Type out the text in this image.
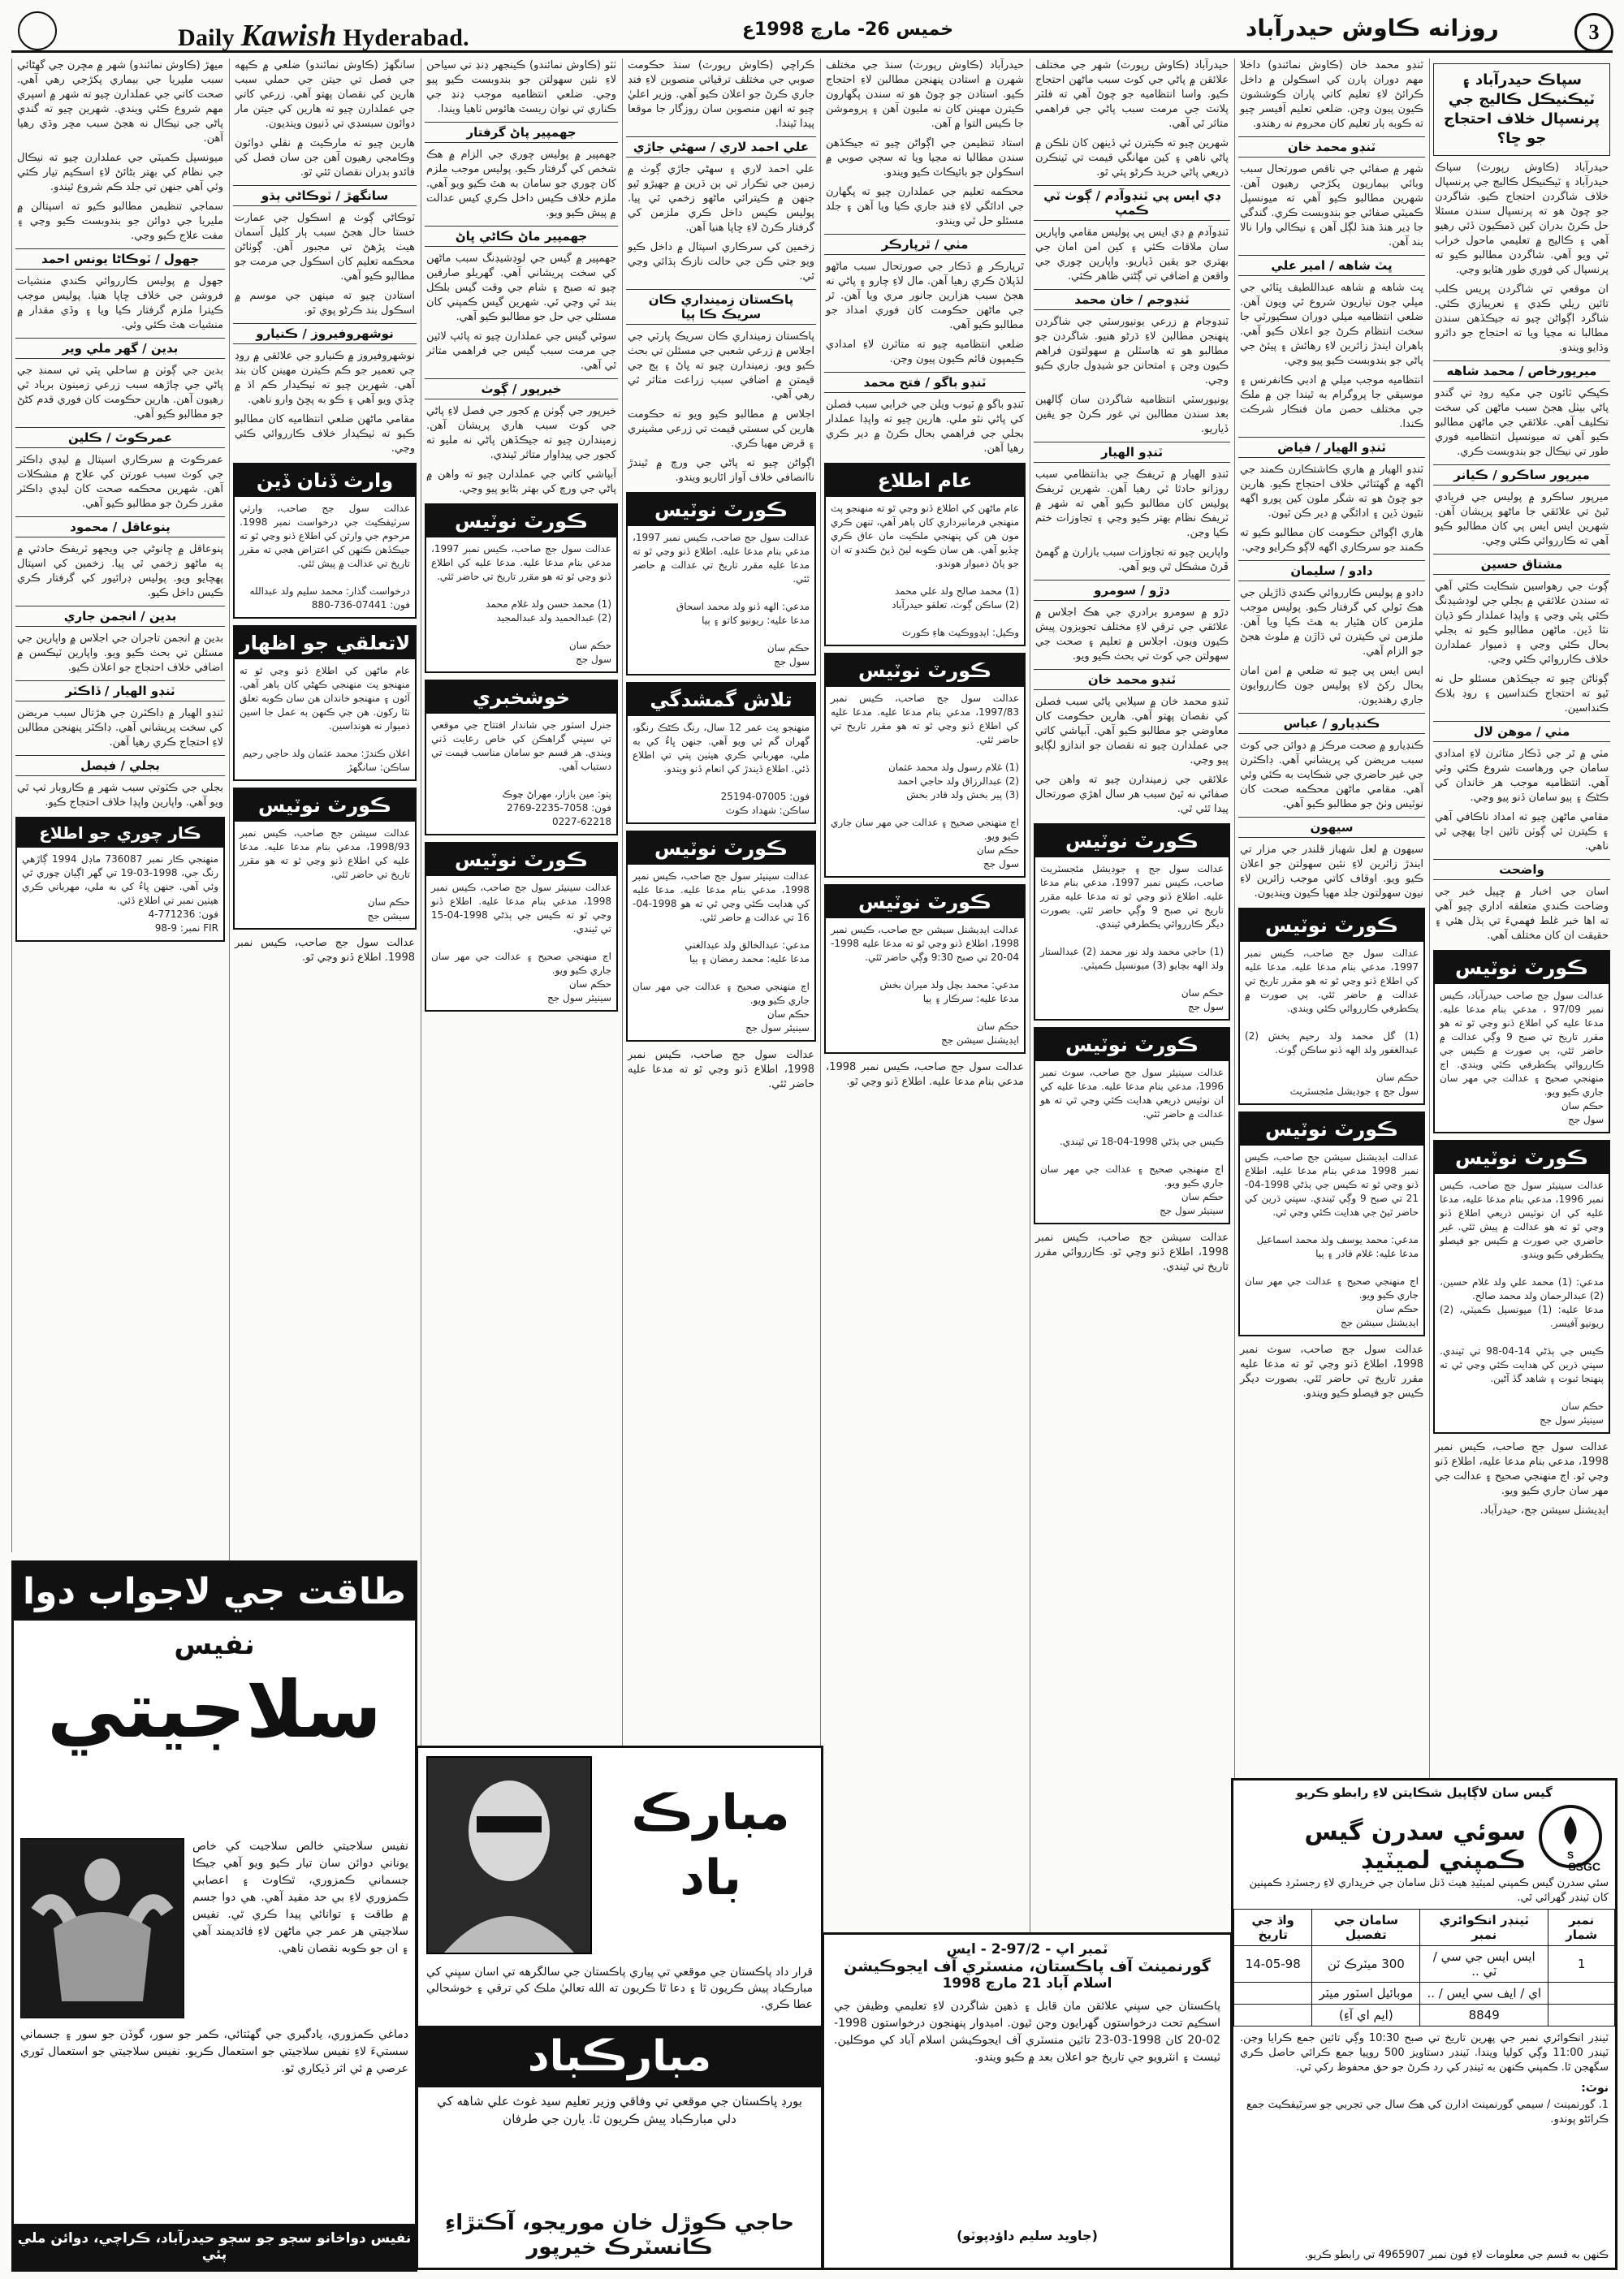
Daily Kawish Hyderabad.	خميس 26- مارچ 1998ع	روزانه ڪاوش حيدرآباد	3
سپاڪ حيدرآباد ۽ ٽيڪنيڪل ڪاليج جي پرنسپال خلاف احتجاج جو ڇا؟

حيدرآباد (ڪاوش رپورٽ) سپاڪ حيدرآباد ۽ ٽيڪنيڪل ڪاليج جي پرنسپال خلاف شاگردن احتجاج ڪيو. شاگردن جو چوڻ هو ته پرنسپال سندن مسئلا حل ڪرڻ بدران کين ڌمڪيون ڏئي رهيو آهي ۽ ڪاليج ۾ تعليمي ماحول خراب ٿي ويو آهي. شاگردن مطالبو ڪيو ته پرنسپال کي فوري طور هٽايو وڃي.

ان موقعي تي شاگردن پريس ڪلب تائين ريلي ڪڍي ۽ نعريبازي ڪئي. شاگرد اڳواڻن چيو ته جيڪڏهن سندن مطالبا نه مڃيا ويا ته احتجاج جو دائرو وڌايو ويندو.

ميرپورخاص / محمد شاهه

ڪيڪي ٽائون جي مکيه روڊ تي گندو پاڻي بيٺل هجڻ سبب ماڻهن کي سخت تڪليف آهي. علائقي جي ماڻهن مطالبو ڪيو آهي ته ميونسپل انتظاميه فوري طور تي نيڪال جو بندوبست ڪري.

ميرپور ساڪرو / ڪيانر

ميرپور ساڪرو ۾ پوليس جي فريادي ٿيڻ تي علائقي جا ماڻهو پريشان آهن. شهرين ايس ايس پي کان مطالبو ڪيو آهي ته ڪارروائي ڪئي وڃي.

مشتاق حسين

ڳوٺ جي رهواسين شڪايت ڪئي آهي ته سندن علائقي ۾ بجلي جي لوڊشيڊنگ ڪئي پئي وڃي ۽ واپڊا عملدار ڪو ڌيان نٿا ڏين. ماڻهن مطالبو ڪيو ته بجلي بحال ڪئي وڃي ۽ ذميوار عملدارن خلاف ڪارروائي ڪئي وڃي.

ڳوٺاڻن چيو ته جيڪڏهن مسئلو حل نه ٿيو ته احتجاج ڪنداسين ۽ روڊ بلاڪ ڪنداسين.

مٺي / موهن لال

مٺي ۾ ٿر جي ڏڪار متاثرن لاءِ امدادي سامان جي ورهاست شروع ڪئي وئي آهي. انتظاميه موجب هر خاندان کي ڪڻڪ ۽ ٻيو سامان ڏنو پيو وڃي.

مقامي ماڻهن چيو ته امداد ناڪافي آهي ۽ ڪيترن ئي ڳوٺن تائين اڃا پهچي ئي ناهي.

واضحت

اسان جي اخبار ۾ ڇپيل خبر جي وضاحت ڪندي متعلقه اداري چيو آهي ته اها خبر غلط فهميءَ تي ٻڌل هئي ۽ حقيقت ان کان مختلف آهي.

ڪورٽ نوٽيس
عدالت سول جج صاحب حيدرآباد، ڪيس نمبر 97/09 ، مدعي بنام مدعا عليه. مدعا عليه کي اطلاع ڏنو وڃي ٿو ته هو مقرر تاريخ تي صبح 9 وڳي عدالت ۾ حاضر ٿئي، ٻي صورت ۾ ڪيس جي ڪارروائي يڪطرفي ڪئي ويندي. اڄ منهنجي صحيح ۽ عدالت جي مهر سان جاري ڪيو ويو.
حڪم سان
سول جج
ڪورٽ نوٽيس
عدالت سينيئر سول جج صاحب، ڪيس نمبر 1996، مدعي بنام مدعا عليه، مدعا عليه کي ان نوٽيس ذريعي اطلاع ڏنو وڃي ٿو ته هو عدالت ۾ پيش ٿئي. غير حاضري جي صورت ۾ ڪيس جو فيصلو يڪطرفي ڪيو ويندو.

مدعي: (1) محمد علي ولد غلام حسين، (2) عبدالرحمان ولد محمد صالح.
مدعا عليه: (1) ميونسپل ڪميٽي، (2) ريونيو آفيسر.

ڪيس جي ٻڌڻي 14-04-98 تي ٿيندي. سڀني ڌرين کي هدايت ڪئي وڃي ٿي ته پنهنجا ثبوت ۽ شاهد گڏ آڻين.

حڪم سان
سينيئر سول جج

عدالت سول جج صاحب، ڪيس نمبر 1998، مدعي بنام مدعا عليه، اطلاع ڏنو وڃي ٿو. اڄ منهنجي صحيح ۽ عدالت جي مهر سان جاري ڪيو ويو.

ايڊيشنل سيشن جج، حيدرآباد.

ٽنڊو محمد خان (ڪاوش نمائندو) داخلا مهم دوران ٻارن کي اسڪولن ۾ داخل ڪرائڻ لاءِ تعليم کاتي پاران ڪوششون ڪيون پيون وڃن. ضلعي تعليم آفيسر چيو ته ڪوبه ٻار تعليم کان محروم نه رهندو.

ٽنڊو محمد خان

شهر ۾ صفائي جي ناقص صورتحال سبب وبائي بيماريون پکڙجي رهيون آهن. شهرين مطالبو ڪيو آهي ته ميونسپل ڪميٽي صفائي جو بندوبست ڪري. گندگي جا ڍير هنڌ هنڌ لڳل آهن ۽ نيڪالي وارا نالا بند آهن.

ڀٽ شاهه / امير علي

ڀٽ شاهه ۾ شاهه عبداللطيف ڀٽائي جي ميلي جون تياريون شروع ٿي ويون آهن. ضلعي انتظاميه ميلي دوران سڪيورٽي جا سخت انتظام ڪرڻ جو اعلان ڪيو آهي. ٻاهران ايندڙ زائرين لاءِ رهائش ۽ پيئڻ جي پاڻي جو بندوبست ڪيو پيو وڃي.

انتظاميه موجب ميلي ۾ ادبي ڪانفرنس ۽ موسيقي جا پروگرام به ٿيندا جن ۾ ملڪ جي مختلف حصن مان فنڪار شرڪت ڪندا.

ٽنڊو الهيار / فياض

ٽنڊو الهيار ۾ هاري ڪاشتڪارن ڪمند جي اگهه ۾ گهٽتائي خلاف احتجاج ڪيو. هارين جو چوڻ هو ته شگر ملون کين پورو اگهه نٿيون ڏين ۽ ادائگي ۾ دير ڪن ٿيون.

هاري اڳواڻن حڪومت کان مطالبو ڪيو ته ڪمند جو سرڪاري اگهه لاڳو ڪرايو وڃي.

دادو / سليمان

دادو ۾ پوليس ڪارروائي ڪندي ڌاڙيلن جي هڪ ٽولي کي گرفتار ڪيو. پوليس موجب ملزمن کان هٿيار به هٿ ڪيا ويا آهن. ملزمن تي ڪيترن ئي ڌاڙن ۾ ملوث هجڻ جو الزام آهي.

ايس ايس پي چيو ته ضلعي ۾ امن امان بحال رکڻ لاءِ پوليس جون ڪارروايون جاري رهنديون.

ڪنڊيارو / عباس

ڪنڊيارو ۾ صحت مرڪز ۾ دوائن جي کوٽ سبب مريضن کي پريشاني آهي. ڊاڪٽرن جي غير حاضري جي شڪايت به ڪئي وئي آهي. مقامي ماڻهن محڪمه صحت کان نوٽيس وٺڻ جو مطالبو ڪيو آهي.

سيهون

سيهون ۾ لعل شهباز قلندر جي مزار تي ايندڙ زائرين لاءِ نئين سهولتن جو اعلان ڪيو ويو. اوقاف کاتي موجب زائرين لاءِ نيون سهولتون جلد مهيا ڪيون وينديون.

ڪورٽ نوٽيس
عدالت سول جج صاحب، ڪيس نمبر 1997، مدعي بنام مدعا عليه. مدعا عليه کي اطلاع ڏنو وڃي ٿو ته هو مقرر تاريخ تي عدالت ۾ حاضر ٿئي. ٻي صورت ۾ يڪطرفي ڪارروائي ڪئي ويندي.

(1) گل محمد ولد رحيم بخش (2) عبدالغفور ولد الهه ڏنو ساڪن ڳوٺ.

حڪم سان
سول جج ۽ جوڊيشل مئجسٽريٽ
ڪورٽ نوٽيس
عدالت ايڊيشنل سيشن جج صاحب، ڪيس نمبر 1998 مدعي بنام مدعا عليه. اطلاع ڏنو وڃي ٿو ته ڪيس جي ٻڌڻي 1998-04-21 تي صبح 9 وڳي ٿيندي. سڀني ڌرين کي حاضر ٿيڻ جي هدايت ڪئي وڃي ٿي.

مدعي: محمد يوسف ولد محمد اسماعيل
مدعا عليه: غلام قادر ۽ ٻيا

اڄ منهنجي صحيح ۽ عدالت جي مهر سان جاري ڪيو ويو.
حڪم سان
ايڊيشنل سيشن جج

عدالت سول جج صاحب، سوٽ نمبر 1998، اطلاع ڏنو وڃي ٿو ته مدعا عليه مقرر تاريخ تي حاضر ٿئي. بصورت ديگر ڪيس جو فيصلو ڪيو ويندو.

حيدرآباد (ڪاوش رپورٽ) شهر جي مختلف علائقن ۾ پاڻي جي کوٽ سبب ماڻهن احتجاج ڪيو. واسا انتظاميه جو چوڻ آهي ته فلٽر پلانٽ جي مرمت سبب پاڻي جي فراهمي متاثر ٿي آهي.

شهرين چيو ته ڪيترن ئي ڏينهن کان نلڪن ۾ پاڻي ناهي ۽ کين مهانگي قيمت تي ٽينڪرن ذريعي پاڻي خريد ڪرڻو پئي ٿو.

ڊي ايس پي ٽنڊوآدم / ڳوٺ ٽي ڪمپ

ٽنڊوآدم ۾ ڊي ايس پي پوليس مقامي واپارين سان ملاقات ڪئي ۽ کين امن امان جي بهتري جو يقين ڏياريو. واپارين چوري جي واقعن ۾ اضافي تي ڳڻتي ظاهر ڪئي.

ٽنڊوجم / خان محمد

ٽنڊوجام ۾ زرعي يونيورسٽي جي شاگردن پنهنجن مطالبن لاءِ ڌرڻو هنيو. شاگردن جو مطالبو هو ته هاسٽلن ۾ سهولتون فراهم ڪيون وڃن ۽ امتحانن جو شيڊول جاري ڪيو وڃي.

يونيورسٽي انتظاميه شاگردن سان ڳالهين بعد سندن مطالبن تي غور ڪرڻ جو يقين ڏياريو.

ٽنڊو الهيار

ٽنڊو الهيار ۾ ٽريفڪ جي بدانتظامي سبب روزانو حادثا ٿي رهيا آهن. شهرين ٽريفڪ پوليس کان مطالبو ڪيو آهي ته شهر ۾ ٽريفڪ نظام بهتر ڪيو وڃي ۽ تجاوزات ختم ڪيا وڃن.

واپارين چيو ته تجاوزات سبب بازارن ۾ گهمڻ ڦرڻ مشڪل ٿي ويو آهي.

دڙو / سومرو

دڙو ۾ سومرو برادري جي هڪ اجلاس ۾ علائقي جي ترقي لاءِ مختلف تجويزون پيش ڪيون ويون. اجلاس ۾ تعليم ۽ صحت جي سهولتن جي کوٽ تي بحث ڪيو ويو.

ٽنڊو محمد خان

ٽنڊو محمد خان ۾ سيلابي پاڻي سبب فصلن کي نقصان پهتو آهي. هارين حڪومت کان معاوضي جو مطالبو ڪيو آهي. آبپاشي کاتي جي عملدارن چيو ته نقصان جو اندازو لڳايو پيو وڃي.

علائقي جي زميندارن چيو ته واهن جي صفائي نه ٿيڻ سبب هر سال اهڙي صورتحال پيدا ٿئي ٿي.

ڪورٽ نوٽيس
عدالت سول جج ۽ جوڊيشل مئجسٽريٽ صاحب، ڪيس نمبر 1997، مدعي بنام مدعا عليه. اطلاع ڏنو وڃي ٿو ته مدعا عليه مقرر تاريخ تي صبح 9 وڳي حاضر ٿئي. بصورت ديگر ڪارروائي يڪطرفي ٿيندي.

(1) حاجي محمد ولد نور محمد (2) عبدالستار ولد الهه بچايو (3) ميونسپل ڪميٽي.

حڪم سان
سول جج
ڪورٽ نوٽيس
عدالت سينيئر سول جج صاحب، سوٽ نمبر 1996، مدعي بنام مدعا عليه. مدعا عليه کي ان نوٽيس ذريعي هدايت ڪئي وڃي ٿي ته هو عدالت ۾ حاضر ٿئي.

ڪيس جي ٻڌڻي 1998-04-18 تي ٿيندي.

اڄ منهنجي صحيح ۽ عدالت جي مهر سان جاري ڪيو ويو.
حڪم سان
سينيئر سول جج

عدالت سيشن جج صاحب، ڪيس نمبر 1998، اطلاع ڏنو وڃي ٿو. ڪارروائي مقرر تاريخ تي ٿيندي.

حيدرآباد (ڪاوش رپورٽ) سنڌ جي مختلف شهرن ۾ استادن پنهنجن مطالبن لاءِ احتجاج ڪيو. استادن جو چوڻ هو ته سندن پگهارون ڪيترن مهينن کان نه مليون آهن ۽ پروموشن جا ڪيس التوا ۾ آهن.

استاد تنظيمن جي اڳواڻن چيو ته جيڪڏهن سندن مطالبا نه مڃيا ويا ته سڄي صوبي ۾ اسڪولن جو بائيڪاٽ ڪيو ويندو.

محڪمه تعليم جي عملدارن چيو ته پگهارن جي ادائگي لاءِ فنڊ جاري ڪيا ويا آهن ۽ جلد مسئلو حل ٿي ويندو.

مٺي / ٿرپارڪر

ٿرپارڪر ۾ ڏڪار جي صورتحال سبب ماڻهو لڏپلاڻ ڪري رهيا آهن. مال لاءِ چارو ۽ پاڻي نه هجڻ سبب هزارين جانور مري ويا آهن. ٿر جي ماڻهن حڪومت کان فوري امداد جو مطالبو ڪيو آهي.

ضلعي انتظاميه چيو ته متاثرن لاءِ امدادي ڪيمپون قائم ڪيون پيون وڃن.

ٽنڊو باگو / فتح محمد

ٽنڊو باگو ۾ ٽيوب ويلن جي خرابي سبب فصلن کي پاڻي نٿو ملي. هارين چيو ته واپڊا عملدار بجلي جي فراهمي بحال ڪرڻ ۾ دير ڪري رهيا آهن.

عام اطلاع
عام ماڻهن کي اطلاع ڏنو وڃي ٿو ته منهنجو پٽ منهنجي فرمانبرداري کان ٻاهر آهي، تنهن ڪري مون هن کي پنهنجي ملڪيت مان عاق ڪري ڇڏيو آهي. هن سان ڪوبه ليڻ ڏيڻ ڪندو ته ان جو پاڻ ذميوار هوندو.

(1) محمد صالح ولد علي محمد
(2) ساڪن ڳوٺ، تعلقو حيدرآباد

وڪيل: ايڊووڪيٽ هاءِ ڪورٽ
ڪورٽ نوٽيس
عدالت سول جج صاحب، ڪيس نمبر 1997/83، مدعي بنام مدعا عليه. مدعا عليه کي اطلاع ڏنو وڃي ٿو ته هو مقرر تاريخ تي حاضر ٿئي.

(1) غلام رسول ولد محمد عثمان
(2) عبدالرزاق ولد حاجي احمد
(3) پير بخش ولد قادر بخش

اڄ منهنجي صحيح ۽ عدالت جي مهر سان جاري ڪيو ويو.
حڪم سان
سول جج
ڪورٽ نوٽيس
عدالت ايڊيشنل سيشن جج صاحب، ڪيس نمبر 1998، اطلاع ڏنو وڃي ٿو ته مدعا عليه 1998-04-20 تي صبح 9:30 وڳي حاضر ٿئي.

مدعي: محمد بچل ولد ميران بخش
مدعا عليه: سرڪار ۽ ٻيا

حڪم سان
ايڊيشنل سيشن جج

عدالت سول جج صاحب، ڪيس نمبر 1998، مدعي بنام مدعا عليه. اطلاع ڏنو وڃي ٿو.

ڪراچي (ڪاوش رپورٽ) سنڌ حڪومت صوبي جي مختلف ترقياتي منصوبن لاءِ فنڊ جاري ڪرڻ جو اعلان ڪيو آهي. وزير اعليٰ چيو ته انهن منصوبن سان روزگار جا موقعا پيدا ٿيندا.

علي احمد لاري / سهڻي جاڙي

علي احمد لاري ۽ سهڻي جاڙي ڳوٺ ۾ زمين جي تڪرار تي ٻن ڌرين ۾ جهيڙو ٿيو جنهن ۾ ڪيترائي ماڻهو زخمي ٿي پيا. پوليس ڪيس داخل ڪري ملزمن کي گرفتار ڪرڻ لاءِ ڇاپا هنيا آهن.

زخمين کي سرڪاري اسپتال ۾ داخل ڪيو ويو جتي ڪن جي حالت نازڪ ٻڌائي وڃي ٿي.

پاڪستان زمينداري ڪان سريڪ ڪا ٻيا

پاڪستان زمينداري ڪان سريڪ پارٽي جي اجلاس ۾ زرعي شعبي جي مسئلن تي بحث ڪيو ويو. زميندارن چيو ته ڀاڻ ۽ ٻج جي قيمتن ۾ اضافي سبب زراعت متاثر ٿي رهي آهي.

اجلاس ۾ مطالبو ڪيو ويو ته حڪومت هارين کي سستي قيمت تي زرعي مشينري ۽ قرض مهيا ڪري.

اڳواڻن چيو ته پاڻي جي ورڇ ۾ ٿيندڙ ناانصافي خلاف آواز اٿاريو ويندو.

ڪورٽ نوٽيس
عدالت سول جج صاحب، ڪيس نمبر 1997، مدعي بنام مدعا عليه. اطلاع ڏنو وڃي ٿو ته مدعا عليه مقرر تاريخ تي عدالت ۾ حاضر ٿئي.

مدعي: الهه ڏنو ولد محمد اسحاق
مدعا عليه: ريونيو کاتو ۽ ٻيا

حڪم سان
سول جج
تلاش گمشدگي
منهنجو پٽ عمر 12 سال، رنگ ڪڻڪ رنگو، گهران گم ٿي ويو آهي. جنهن ڀاءُ کي به ملي، مهرباني ڪري هيٺين پتي تي اطلاع ڏئي. اطلاع ڏيندڙ کي انعام ڏنو ويندو.

فون: 07005-25194
ساڪن: شهداد ڪوٽ
ڪورٽ نوٽيس
عدالت سينيئر سول جج صاحب، ڪيس نمبر 1998، مدعي بنام مدعا عليه. مدعا عليه کي هدايت ڪئي وڃي ٿي ته هو 1998-04-16 تي عدالت ۾ حاضر ٿئي.

مدعي: عبدالخالق ولد عبدالغني
مدعا عليه: محمد رمضان ۽ ٻيا

اڄ منهنجي صحيح ۽ عدالت جي مهر سان جاري ڪيو ويو.
حڪم سان
سينيئر سول جج

عدالت سول جج صاحب، ڪيس نمبر 1998، اطلاع ڏنو وڃي ٿو ته مدعا عليه حاضر ٿئي.

ٺٽو (ڪاوش نمائندو) ڪينجهر ڍنڍ تي سياحن لاءِ نئين سهولتن جو بندوبست ڪيو پيو وڃي. ضلعي انتظاميه موجب ڍنڍ جي ڪناري تي نوان ريسٽ هائوس ٺاهيا ويندا.

جهمپير پاڻ گرفتار

جهمپير ۾ پوليس چوري جي الزام ۾ هڪ شخص کي گرفتار ڪيو. پوليس موجب ملزم کان چوري جو سامان به هٿ ڪيو ويو آهي. ملزم خلاف ڪيس داخل ڪري کيس عدالت ۾ پيش ڪيو ويو.

جهمپير ماڻ ڪاڻي ڀاڻ

جهمپير ۾ گيس جي لوڊشيڊنگ سبب ماڻهن کي سخت پريشاني آهي. گهريلو صارفين چيو ته صبح ۽ شام جي وقت گيس بلڪل بند ٿي وڃي ٿي. شهرين گيس ڪمپني کان مسئلي جي حل جو مطالبو ڪيو آهي.

سوئي گيس جي عملدارن چيو ته پائپ لائين جي مرمت سبب گيس جي فراهمي متاثر ٿي آهي.

خيرپور / ڳوٺ

خيرپور جي ڳوٺن ۾ کجور جي فصل لاءِ پاڻي جي کوٽ سبب هاري پريشان آهن. زميندارن چيو ته جيڪڏهن پاڻي نه مليو ته کجور جي پيداوار متاثر ٿيندي.

آبپاشي کاتي جي عملدارن چيو ته واهن ۾ پاڻي جي ورڇ کي بهتر بڻايو پيو وڃي.

ڪورٽ نوٽيس
عدالت سول جج صاحب، ڪيس نمبر 1997، مدعي بنام مدعا عليه. مدعا عليه کي اطلاع ڏنو وڃي ٿو ته هو مقرر تاريخ تي حاضر ٿئي.

(1) محمد حسن ولد غلام محمد
(2) عبدالحميد ولد عبدالمجيد

حڪم سان
سول جج
خوشخبري
جنرل اسٽور جي شاندار افتتاح جي موقعي تي سڀني گراهڪن کي خاص رعايت ڏني ويندي. هر قسم جو سامان مناسب قيمت تي دستياب آهي.

پتو: مين بازار، مهراڻ چوڪ
فون: 7058-2235-2769
0227-62218
ڪورٽ نوٽيس
عدالت سينيئر سول جج صاحب، ڪيس نمبر 1998، مدعي بنام مدعا عليه. اطلاع ڏنو وڃي ٿو ته ڪيس جي ٻڌڻي 1998-04-15 تي ٿيندي.

اڄ منهنجي صحيح ۽ عدالت جي مهر سان جاري ڪيو ويو.
حڪم سان
سينيئر سول جج

سانگهڙ (ڪاوش نمائندو) ضلعي ۾ ڪپهه جي فصل تي جيتن جي حملي سبب هارين کي نقصان پهتو آهي. زرعي کاتي جي عملدارن چيو ته هارين کي جيتن مار دوائون سبسڊي تي ڏنيون وينديون.

هارين چيو ته مارڪيٽ ۾ نقلي دوائون وڪامجي رهيون آهن جن سان فصل کي فائدو بدران نقصان ٿئي ٿو.

سانگهڙ / ٽوڪاڻي ٻڌو

ٽوڪاڻي ڳوٺ ۾ اسڪول جي عمارت خستا حال هجڻ سبب ٻار کليل آسمان هيٺ پڙهڻ تي مجبور آهن. ڳوٺاڻن محڪمه تعليم کان اسڪول جي مرمت جو مطالبو ڪيو آهي.

استادن چيو ته مينهن جي موسم ۾ اسڪول بند ڪرڻو پوي ٿو.

نوشهروفيروز / ڪنيارو

نوشهروفيروز ۾ ڪنيارو جي علائقي ۾ روڊ جي تعمير جو ڪم ڪيترن مهينن کان بند آهي. شهرين چيو ته ٺيڪيدار ڪم اڌ ۾ ڇڏي ويو آهي ۽ ڪو به پڇڻ وارو ناهي.

مقامي ماڻهن ضلعي انتظاميه کان مطالبو ڪيو ته ٺيڪيدار خلاف ڪارروائي ڪئي وڃي.

وارث ڏنان ڏين
عدالت سول جج صاحب، وارثي سرٽيفڪيٽ جي درخواست نمبر 1998. مرحوم جي وارثن کي اطلاع ڏنو وڃي ٿو ته جيڪڏهن ڪنهن کي اعتراض هجي ته مقرر تاريخ تي عدالت ۾ پيش ٿئي.

درخواست گذار: محمد سليم ولد عبدالله
فون: 07441-736-880
لاتعلقي جو اظهار
عام ماڻهن کي اطلاع ڏنو وڃي ٿو ته منهنجو پٽ منهنجي ڪهڻي کان ٻاهر آهي. آئون ۽ منهنجو خاندان هن سان ڪوبه تعلق نٿا رکون. هن جي ڪنهن به عمل جا اسين ذميوار نه هونداسين.

اعلان ڪندڙ: محمد عثمان ولد حاجي رحيم
ساڪن: سانگهڙ
ڪورٽ نوٽيس
عدالت سيشن جج صاحب، ڪيس نمبر 1998/93، مدعي بنام مدعا عليه. مدعا عليه کي اطلاع ڏنو وڃي ٿو ته هو مقرر تاريخ تي حاضر ٿئي.

حڪم سان
سيشن جج

عدالت سول جج صاحب، ڪيس نمبر 1998. اطلاع ڏنو وڃي ٿو.

ميهڙ (ڪاوش نمائندو) شهر ۾ مڇرن جي گهڻائي سبب مليريا جي بيماري پکڙجي رهي آهي. صحت کاتي جي عملدارن چيو ته شهر ۾ اسپري مهم شروع ڪئي ويندي. شهرين چيو ته گندي پاڻي جي نيڪال نه هجڻ سبب مڇر وڌي رهيا آهن.

ميونسپل ڪميٽي جي عملدارن چيو ته نيڪال جي نظام کي بهتر بڻائڻ لاءِ اسڪيم تيار ڪئي وئي آهي جنهن تي جلد ڪم شروع ٿيندو.

سماجي تنظيمن مطالبو ڪيو ته اسپتالن ۾ مليريا جي دوائن جو بندوبست ڪيو وڃي ۽ مفت علاج ڪيو وڃي.

جهول / ٽوڪاڻا يونس احمد

جهول ۾ پوليس ڪارروائي ڪندي منشيات فروشن جي خلاف ڇاپا هنيا. پوليس موجب ڪيترا ملزم گرفتار ڪيا ويا ۽ وڏي مقدار ۾ منشيات هٿ ڪئي وئي.

بدين / گهر ملي وير

بدين جي ڳوٺن ۾ ساحلي پٽي تي سمنڊ جي پاڻي جي چاڙهه سبب زرعي زمينون برباد ٿي رهيون آهن. هارين حڪومت کان فوري قدم کڻڻ جو مطالبو ڪيو آهي.

عمرڪوٽ / ڪلين

عمرڪوٽ ۾ سرڪاري اسپتال ۾ ليڊي ڊاڪٽر جي کوٽ سبب عورتن کي علاج ۾ مشڪلات آهن. شهرين محڪمه صحت کان ليڊي ڊاڪٽر مقرر ڪرڻ جو مطالبو ڪيو آهي.

پنوعاقل / محمود

پنوعاقل ۾ ڇانوڻي جي ويجهو ٽريفڪ حادثي ۾ ٻه ماڻهو زخمي ٿي پيا. زخمين کي اسپتال پهچايو ويو. پوليس ڊرائيور کي گرفتار ڪري ڪيس داخل ڪيو.

بدين / انجمن جاري

بدين ۾ انجمن تاجران جي اجلاس ۾ واپارين جي مسئلن تي بحث ڪيو ويو. واپارين ٽيڪسن ۾ اضافي خلاف احتجاج جو اعلان ڪيو.

ٽنڊو الهيار / ڏاڪٽر

ٽنڊو الهيار ۾ ڊاڪٽرن جي هڙتال سبب مريضن کي سخت پريشاني آهي. ڊاڪٽر پنهنجن مطالبن لاءِ احتجاج ڪري رهيا آهن.

بجلي / فيصل

بجلي جي ڪٽوتي سبب شهر ۾ ڪاروبار ٺپ ٿي ويو آهي. واپارين واپڊا خلاف احتجاج ڪيو.

ڪار چوري جو اطلاع
منهنجي ڪار نمبر 736087 ماڊل 1994 ڳاڙهي رنگ جي، 1998-03-19 تي گهر اڳيان چوري ٿي وئي آهي. جنهن ڀاءُ کي به ملي، مهرباني ڪري هيٺين نمبر تي اطلاع ڏئي.
فون: 771236-4
FIR نمبر: 9-98
طاقت جي لاجواب دوا
نفيس
سلاجيتي
نفيس سلاجيتي خالص سلاجيت کي خاص يوناني دوائن سان تيار ڪيو ويو آهي جيڪا جسماني ڪمزوري، ٿڪاوٽ ۽ اعصابي ڪمزوري لاءِ بي حد مفيد آهي. هي دوا جسم ۾ طاقت ۽ توانائي پيدا ڪري ٿي. نفيس سلاجيتي هر عمر جي ماڻهن لاءِ فائديمند آهي ۽ ان جو ڪوبه نقصان ناهي.
دماغي ڪمزوري، يادگيري جي گهٽتائي، ڪمر جو سور، گوڏن جو سور ۽ جسماني سستيءَ لاءِ نفيس سلاجيتي جو استعمال ڪريو. نفيس سلاجيتي جو استعمال ٿوري عرصي ۾ ئي اثر ڏيکاري ٿو.
نفيس دواخانو سڄو جو سڄو حيدرآباد، ڪراچي، دوائن ملي پئي
مبارڪ باد
قرار داد پاڪستان جي موقعي تي پياري پاڪستان جي سالگرهه تي اسان سڀني کي مبارڪباد پيش ڪريون ٿا ۽ دعا ٿا ڪريون ته الله تعاليٰ ملڪ کي ترقي ۽ خوشحالي عطا ڪري.
مبارڪباد
بورڊ پاڪستان جي موقعي تي وفاقي وزير تعليم سيد غوث علي شاهه کي دلي مبارڪباد پيش ڪريون ٿا. يارن جي طرفان
حاجي ڪوڙل خان موريجو، آڪتڙاءِ ڪانسٽرڪ خيرپور
ٽمبر اپ - 97/2-2 - ايس
گورنمينٽ آف پاڪستان، منسٽري آف ايجوڪيشن
اسلام آباد 21 مارچ 1998
پاڪستان جي سڀني علائقن مان قابل ۽ ذهين شاگردن لاءِ تعليمي وظيفن جي اسڪيم تحت درخواستون گهرايون وڃن ٿيون. اميدوار پنهنجون درخواستون 1998-02-20 کان 1998-03-23 تائين منسٽري آف ايجوڪيشن اسلام آباد کي موڪلين. ٽيسٽ ۽ انٽرويو جي تاريخ جو اعلان بعد ۾ ڪيو ويندو.
(جاويد سليم داؤدپوٽو)
گيس سان لاڳاپيل شڪايتن لاءِ رابطو ڪريو
S
SSGC
سوئي سدرن گيس ڪمپني لميٽيڊ
سئي سدرن گيس ڪمپني لميٽيڊ هيٺ ڏنل سامان جي خريداري لاءِ رجسٽرڊ ڪمپنين کان ٽينڊر گهرائي ٿي.
نمبر شمار	ٽينڊر انڪوائري نمبر	سامان جي تفصيل	واڌ جي تاريخ
1	ايس ايس جي سي / ٽي ..	300 ميٽرڪ ٽن	14-05-98
	اي / ايف سي ايس / ..	موبائيل اسٽور ميٽر	
	8849	(ايم اي آءِ)	
ٽينڊر انڪوائري نمبر جي پهرين تاريخ تي صبح 10:30 وڳي تائين جمع ڪرايا وڃن. ٽينڊر 11:00 وڳي کوليا ويندا. ٽينڊر دستاويز 500 روپيا جمع ڪرائي حاصل ڪري سگهجن ٿا. ڪمپني ڪنهن به ٽينڊر کي رد ڪرڻ جو حق محفوظ رکي ٿي.
نوٽ:
1. گورنمينٽ / سيمي گورنمينٽ ادارن کي هڪ سال جي تجربي جو سرٽيفڪيٽ جمع ڪرائڻو پوندو.
ڪنهن به قسم جي معلومات لاءِ فون نمبر 4965907 تي رابطو ڪريو.
